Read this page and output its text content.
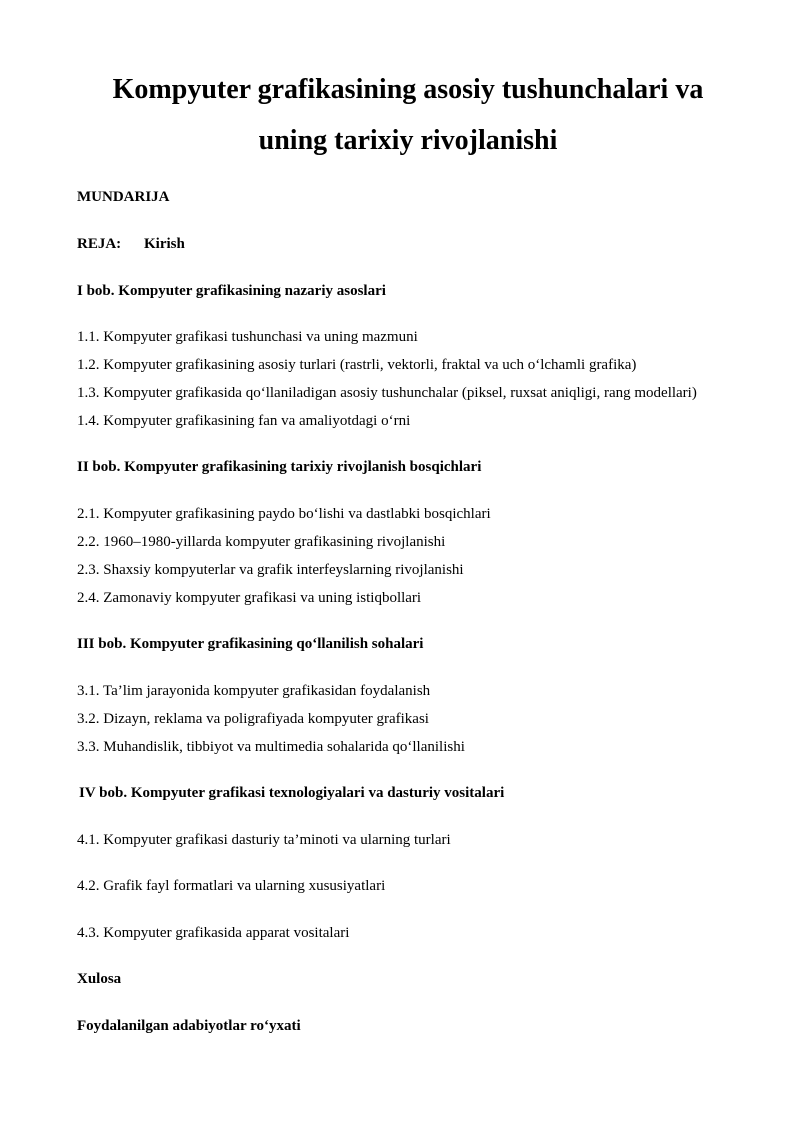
Kompyuter grafikasining asosiy tushunchalari va
uning tarixiy rivojlanishi
MUNDARIJA
REJA: Kirish
I bob. Kompyuter grafikasining nazariy asoslari
1.1. Kompyuter grafikasi tushunchasi va uning mazmuni
1.2. Kompyuter grafikasining asosiy turlari (rastrli, vektorli, fraktal va uch o‘lchamli grafika)
1.3. Kompyuter grafikasida qo‘llaniladigan asosiy tushunchalar (piksel, ruxsat aniqligi, rang modellari)
1.4. Kompyuter grafikasining fan va amaliyotdagi o‘rni
II bob. Kompyuter grafikasining tarixiy rivojlanish bosqichlari
2.1. Kompyuter grafikasining paydo bo‘lishi va dastlabki bosqichlari
2.2. 1960–1980-yillarda kompyuter grafikasining rivojlanishi
2.3. Shaxsiy kompyuterlar va grafik interfeyslarning rivojlanishi
2.4. Zamonaviy kompyuter grafikasi va uning istiqbollari
III bob. Kompyuter grafikasining qo‘llanilish sohalari
3.1. Ta’lim jarayonida kompyuter grafikasidan foydalanish
3.2. Dizayn, reklama va poligrafiyada kompyuter grafikasi
3.3. Muhandislik, tibbiyot va multimedia sohalarida qo‘llanilishi
IV bob. Kompyuter grafikasi texnologiyalari va dasturiy vositalari
4.1. Kompyuter grafikasi dasturiy ta’minoti va ularning turlari
4.2. Grafik fayl formatlari va ularning xususiyatlari
4.3. Kompyuter grafikasida apparat vositalari
Xulosa
Foydalanilgan adabiyotlar ro‘yxati
